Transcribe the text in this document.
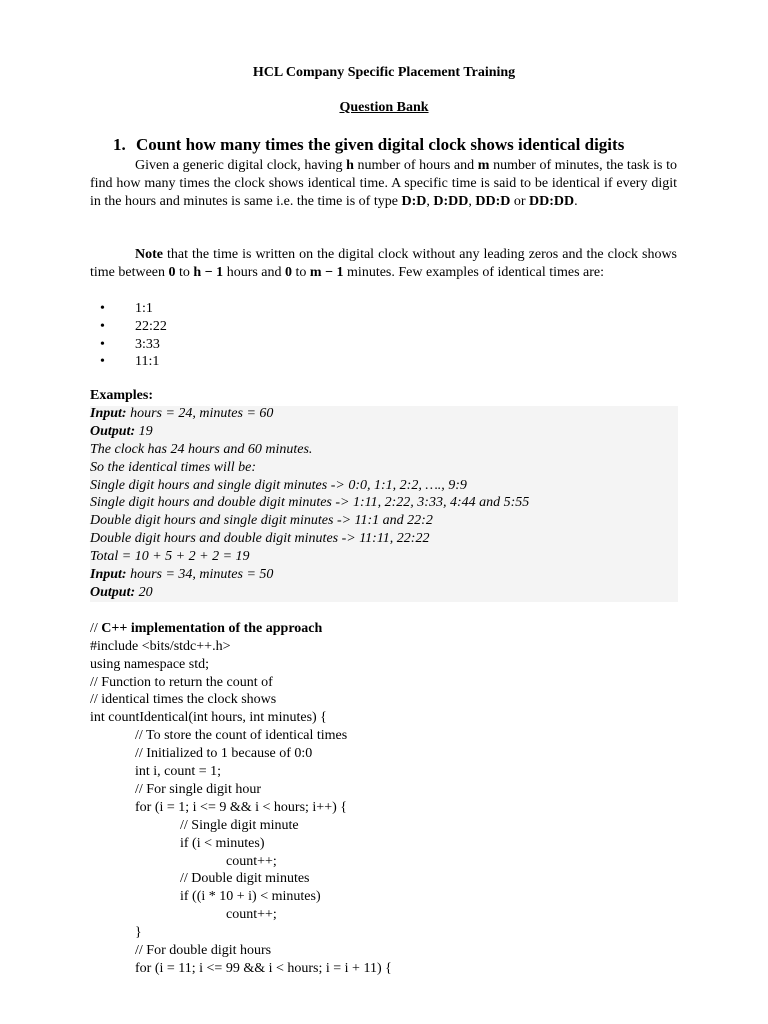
HCL Company Specific Placement Training
Question Bank
1. Count how many times the given digital clock shows identical digits
Given a generic digital clock, having h number of hours and m number of minutes, the task is to find how many times the clock shows identical time. A specific time is said to be identical if every digit in the hours and minutes is same i.e. the time is of type D:D, D:DD, DD:D or DD:DD.
Note that the time is written on the digital clock without any leading zeros and the clock shows time between 0 to h − 1 hours and 0 to m − 1 minutes. Few examples of identical times are:
• 1:1
• 22:22
• 3:33
• 11:1
Examples:
Input: hours = 24, minutes = 60
Output: 19
The clock has 24 hours and 60 minutes.
So the identical times will be:
Single digit hours and single digit minutes -> 0:0, 1:1, 2:2, …., 9:9
Single digit hours and double digit minutes -> 1:11, 2:22, 3:33, 4:44 and 5:55
Double digit hours and single digit minutes -> 11:1 and 22:2
Double digit hours and double digit minutes -> 11:11, 22:22
Total = 10 + 5 + 2 + 2 = 19
Input: hours = 34, minutes = 50
Output: 20
// C++ implementation of the approach
#include <bits/stdc++.h>
using namespace std;
// Function to return the count of
// identical times the clock shows
int countIdentical(int hours, int minutes) {
// To store the count of identical times
// Initialized to 1 because of 0:0
int i, count = 1;
// For single digit hour
for (i = 1; i <= 9 && i < hours; i++) {
// Single digit minute
if (i < minutes)
count++;
// Double digit minutes
if ((i * 10 + i) < minutes)
count++;
}
// For double digit hours
for (i = 11; i <= 99 && i < hours; i = i + 11) {
